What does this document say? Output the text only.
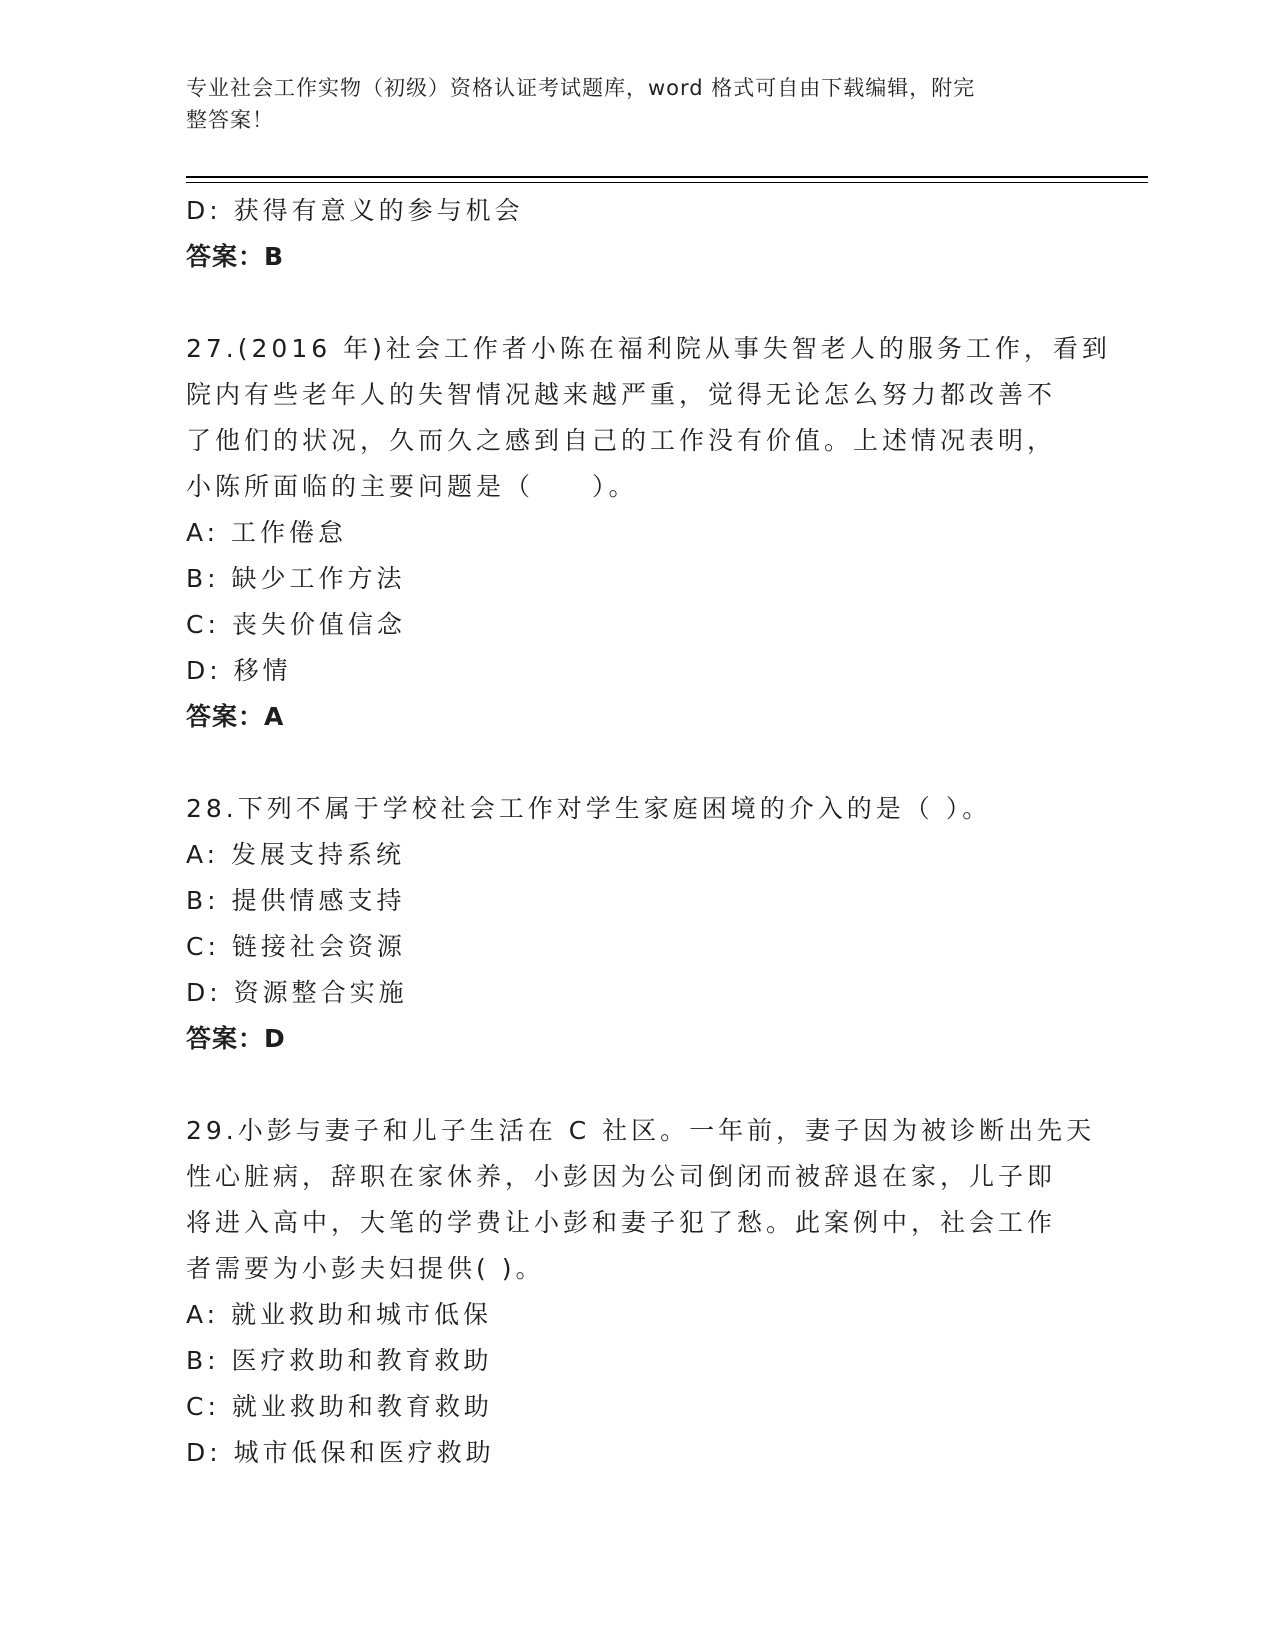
专业社会工作实物（初级）资格认证考试题库，word 格式可自由下载编辑，附完
整答案！
D: 获得有意义的参与机会
答案：B
27.(2016 年)社会工作者小陈在福利院从事失智老人的服务工作，看到
院内有些老年人的失智情况越来越严重，觉得无论怎么努力都改善不
了他们的状况，久而久之感到自己的工作没有价值。上述情况表明，
小陈所面临的主要问题是（　　）。
A: 工作倦怠
B: 缺少工作方法
C: 丧失价值信念
D: 移情
答案：A
28.下列不属于学校社会工作对学生家庭困境的介入的是（ ）。
A: 发展支持系统
B: 提供情感支持
C: 链接社会资源
D: 资源整合实施
答案：D
29.小彭与妻子和儿子生活在 C 社区。一年前，妻子因为被诊断出先天
性心脏病，辞职在家休养，小彭因为公司倒闭而被辞退在家，儿子即
将进入高中，大笔的学费让小彭和妻子犯了愁。此案例中，社会工作
者需要为小彭夫妇提供( )。
A: 就业救助和城市低保
B: 医疗救助和教育救助
C: 就业救助和教育救助
D: 城市低保和医疗救助
